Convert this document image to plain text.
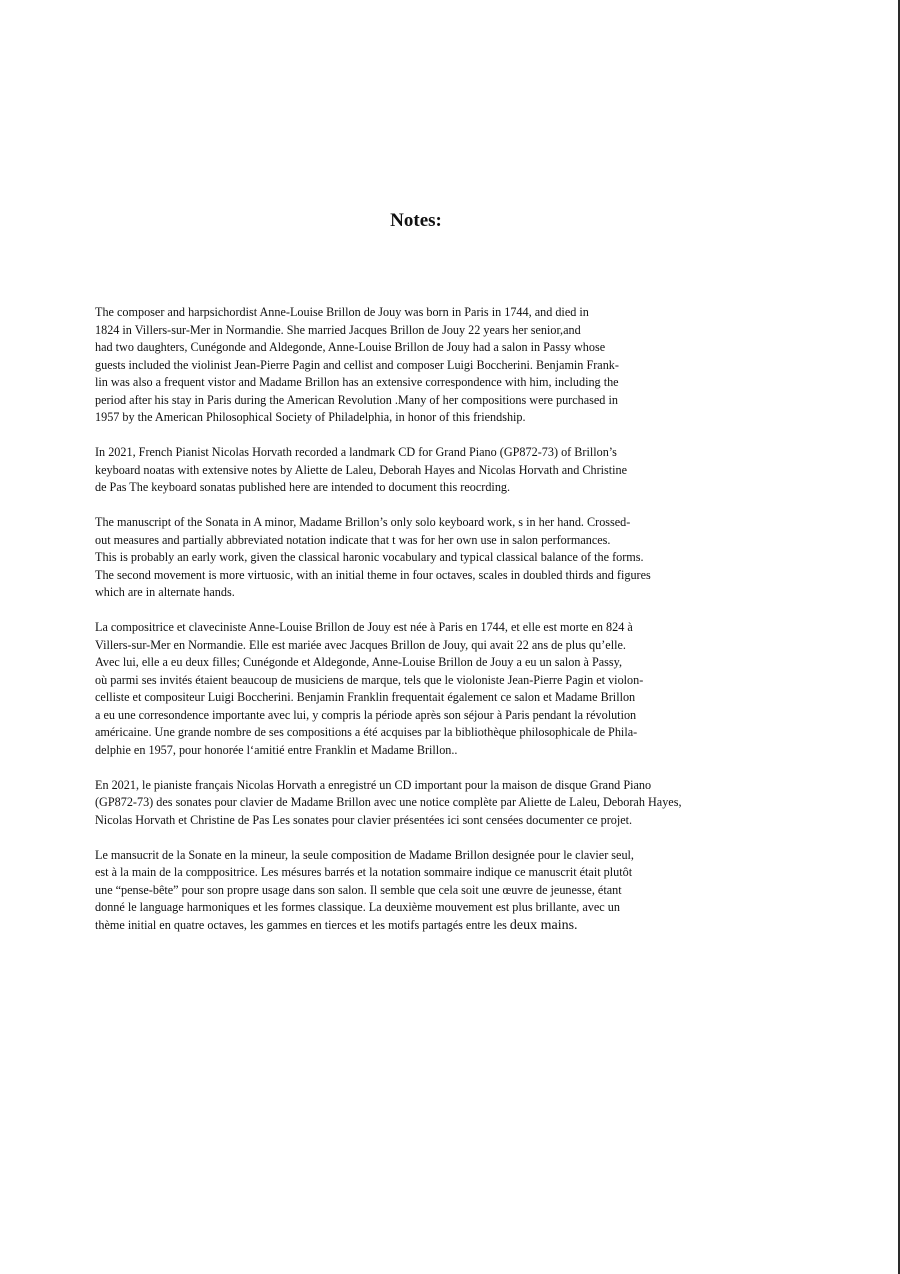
Notes:

The composer and harpsichordist Anne-Louise Brillon de Jouy was born in Paris in 1744, and died in
1824 in Villers-sur-Mer in Normandie. She married Jacques Brillon de Jouy 22 years her senior,and
had two daughters, Cunégonde and Aldegonde, Anne-Louise Brillon de Jouy had a salon in Passy whose
guests included the violinist Jean-Pierre Pagin and cellist and composer Luigi Boccherini. Benjamin Frank-
lin was also a frequent vistor and Madame Brillon has an extensive correspondence with him, including the
period after his stay in Paris during the American Revolution .Many of her compositions were purchased in
1957 by the American Philosophical Society of Philadelphia, in honor of this friendship.

In 2021, French Pianist Nicolas Horvath recorded a landmark CD for Grand Piano (GP872-73) of Brillon’s
keyboard noatas with extensive notes by Aliette de Laleu, Deborah Hayes and Nicolas Horvath and Christine
de Pas The keyboard sonatas published here are intended to document this reocrding.

The manuscript of the Sonata in A minor, Madame Brillon’s only solo keyboard work, s in her hand. Crossed-
out measures and partially abbreviated notation indicate that t was for her own use in salon performances.
This is probably an early work, given the classical haronic vocabulary and typical classical balance of the forms.
The second movement is more virtuosic, with an initial theme in four octaves, scales in doubled thirds and figures
which are in alternate hands.

La compositrice et claveciniste Anne-Louise Brillon de Jouy est née à Paris en 1744, et elle est morte en 824 à
Villers-sur-Mer en Normandie. Elle est mariée avec Jacques Brillon de Jouy, qui avait 22 ans de plus qu’elle.
Avec lui, elle a eu deux filles; Cunégonde et Aldegonde, Anne-Louise Brillon de Jouy a eu un salon à Passy,
où parmi ses invités étaient beaucoup de musiciens de marque, tels que le violoniste Jean-Pierre Pagin et violon-
celliste et compositeur Luigi Boccherini. Benjamin Franklin frequentait également ce salon et Madame Brillon
a eu une corresondence importante avec lui, y compris la période après son séjour à Paris pendant la révolution
américaine. Une grande nombre de ses compositions a été acquises par la bibliothèque philosophicale de Phila-
delphie en 1957, pour honorée l‘amitié entre Franklin et Madame Brillon..

En 2021, le pianiste français Nicolas Horvath a enregistré un CD important pour la maison de disque Grand Piano
(GP872-73) des sonates pour clavier de Madame Brillon avec une notice complète par Aliette de Laleu, Deborah Hayes,
Nicolas Horvath et Christine de Pas Les sonates pour clavier présentées ici sont censées documenter ce projet.

Le mansucrit de la Sonate en la mineur, la seule composition de Madame Brillon designée pour le clavier seul,
est à la main de la comppositrice. Les mésures barrés et la notation sommaire indique ce manuscrit était plutôt
une “pense-bête” pour son propre usage dans son salon. Il semble que cela soit une œuvre de jeunesse, étant
donné le language harmoniques et les formes classique. La deuxième mouvement est plus brillante, avec un
thème initial en quatre octaves, les gammes en tierces et les motifs partagés entre les deux mains.
